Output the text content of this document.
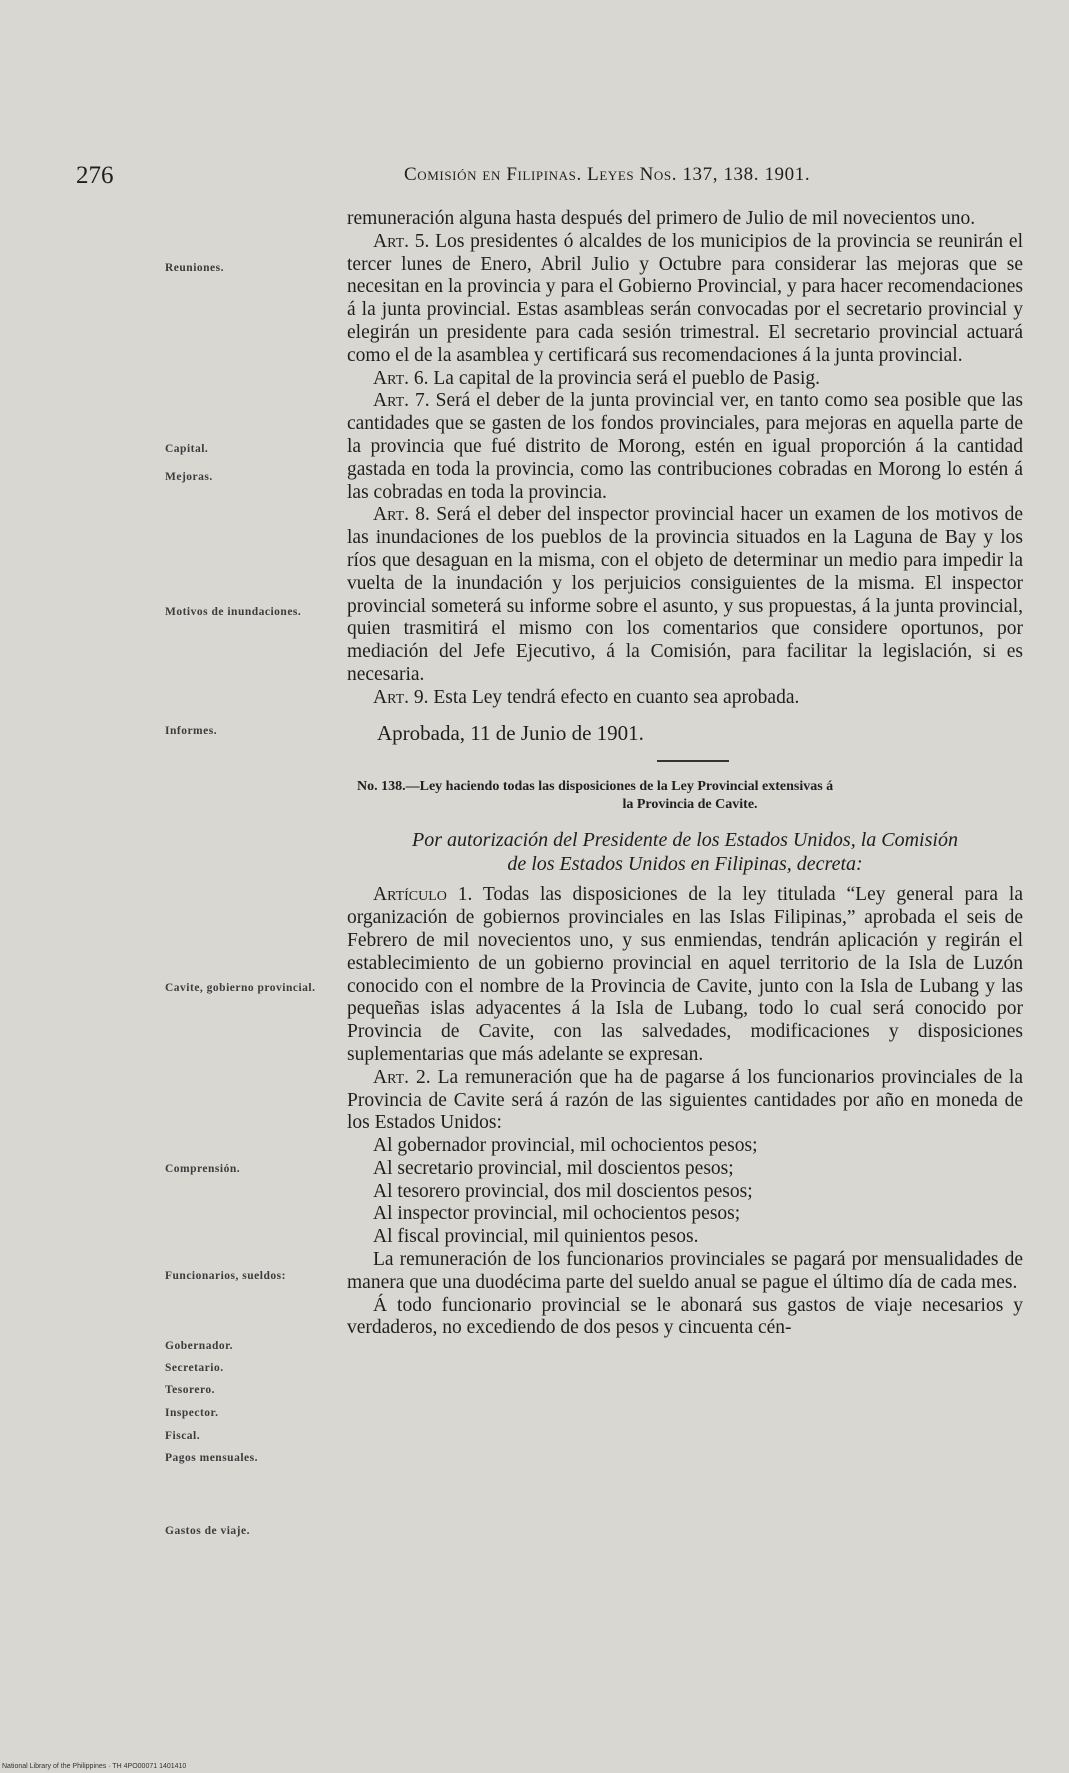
276	Comisión en Filipinas. Leyes Nos. 137, 138. 1901.
Reuniones.
Capital.
Mejoras.
Motivos de inundaciones.
Informes.
Cavite, gobierno provincial.
Comprensión.
Funcionarios, sueldos:
Gobernador.
Secretario.
Tesorero.
Inspector.
Fiscal.
Pagos mensuales.
Gastos de viaje.

remuneración alguna hasta después del primero de Julio de mil novecientos uno.

Art. 5. Los presidentes ó alcaldes de los municipios de la provincia se reunirán el tercer lunes de Enero, Abril Julio y Octubre para considerar las mejoras que se necesitan en la provincia y para el Gobierno Provincial, y para hacer recomendaciones á la junta provincial. Estas asambleas serán convocadas por el secretario provincial y elegirán un presidente para cada sesión trimestral. El secretario provincial actuará como el de la asamblea y certificará sus recomendaciones á la junta provincial.

Art. 6. La capital de la provincia será el pueblo de Pasig.

Art. 7. Será el deber de la junta provincial ver, en tanto como sea posible que las cantidades que se gasten de los fondos provinciales, para mejoras en aquella parte de la provincia que fué distrito de Morong, estén en igual proporción á la cantidad gastada en toda la provincia, como las contribuciones cobradas en Morong lo estén á las cobradas en toda la provincia.

Art. 8. Será el deber del inspector provincial hacer un examen de los motivos de las inundaciones de los pueblos de la provincia situados en la Laguna de Bay y los ríos que desaguan en la misma, con el objeto de determinar un medio para impedir la vuelta de la inundación y los perjuicios consiguientes de la misma. El inspector provincial someterá su informe sobre el asunto, y sus propuestas, á la junta provincial, quien trasmitirá el mismo con los comentarios que considere oportunos, por mediación del Jefe Ejecutivo, á la Comisión, para facilitar la legislación, si es necesaria.

Art. 9. Esta Ley tendrá efecto en cuanto sea aprobada.

Aprobada, 11 de Junio de 1901.

No. 138.—Ley haciendo todas las disposiciones de la Ley Provincial extensivas á

la Provincia de Cavite.

Por autorización del Presidente de los Estados Unidos, la Comisión

de los Estados Unidos en Filipinas, decreta:

Artículo 1. Todas las disposiciones de la ley titulada “Ley general para la organización de gobiernos provinciales en las Islas Filipinas,” aprobada el seis de Febrero de mil novecientos uno, y sus enmiendas, tendrán aplicación y regirán el establecimiento de un gobierno provincial en aquel territorio de la Isla de Luzón conocido con el nombre de la Provincia de Cavite, junto con la Isla de Lubang y las pequeñas islas adyacentes á la Isla de Lubang, todo lo cual será conocido por Provincia de Cavite, con las salvedades, modificaciones y disposiciones suplementarias que más adelante se expresan.

Art. 2. La remuneración que ha de pagarse á los funcionarios provinciales de la Provincia de Cavite será á razón de las siguientes cantidades por año en moneda de los Estados Unidos:

Al gobernador provincial, mil ochocientos pesos;

Al secretario provincial, mil doscientos pesos;

Al tesorero provincial, dos mil doscientos pesos;

Al inspector provincial, mil ochocientos pesos;

Al fiscal provincial, mil quinientos pesos.

La remuneración de los funcionarios provinciales se pagará por mensualidades de manera que una duodécima parte del sueldo anual se pague el último día de cada mes.

Á todo funcionario provincial se le abonará sus gastos de viaje necesarios y verdaderos, no excediendo de dos pesos y cincuenta cén-

National Library of the Philippines · TH 4PO00071 1401410
